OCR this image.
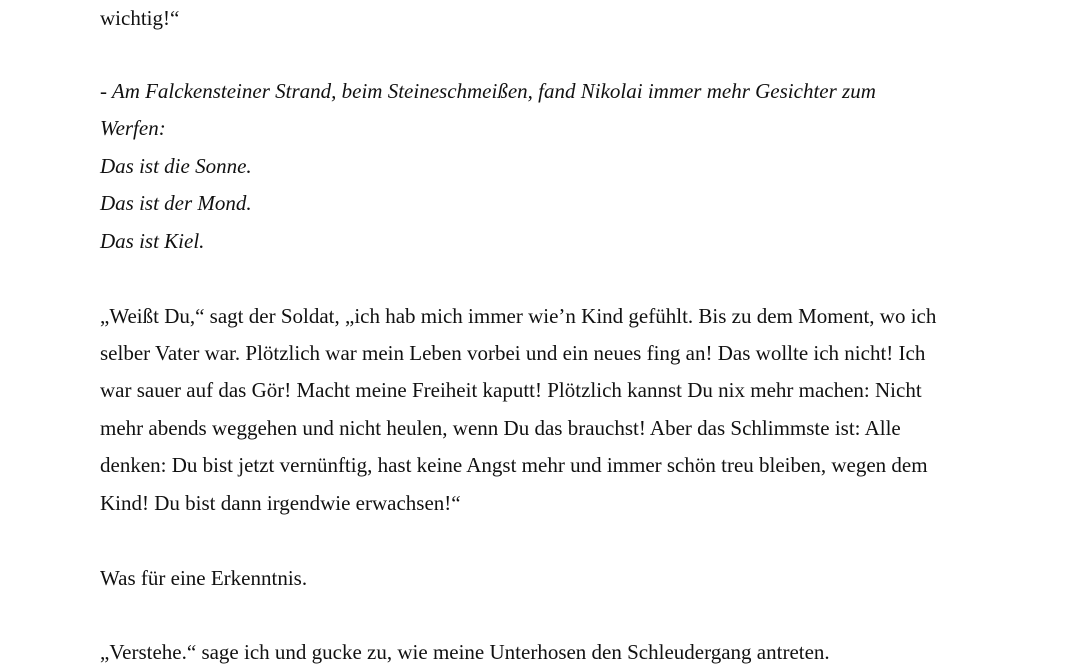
wichtig!“
- Am Falckensteiner Strand, beim Steineschmeißen, fand Nikolai immer mehr Gesichter zum
Werfen:
Das ist die Sonne.
Das ist der Mond.
Das ist Kiel.
„Weißt Du,“ sagt der Soldat, „ich hab mich immer wie’n Kind gefühlt. Bis zu dem Moment, wo ich
selber Vater war. Plötzlich war mein Leben vorbei und ein neues fing an! Das wollte ich nicht! Ich
war sauer auf das Gör! Macht meine Freiheit kaputt! Plötzlich kannst Du nix mehr machen: Nicht
mehr abends weggehen und nicht heulen, wenn Du das brauchst! Aber das Schlimmste ist: Alle
denken: Du bist jetzt vernünftig, hast keine Angst mehr und immer schön treu bleiben, wegen dem
Kind! Du bist dann irgendwie erwachsen!“
Was für eine Erkenntnis.
„Verstehe.“ sage ich und gucke zu, wie meine Unterhosen den Schleudergang antreten.
